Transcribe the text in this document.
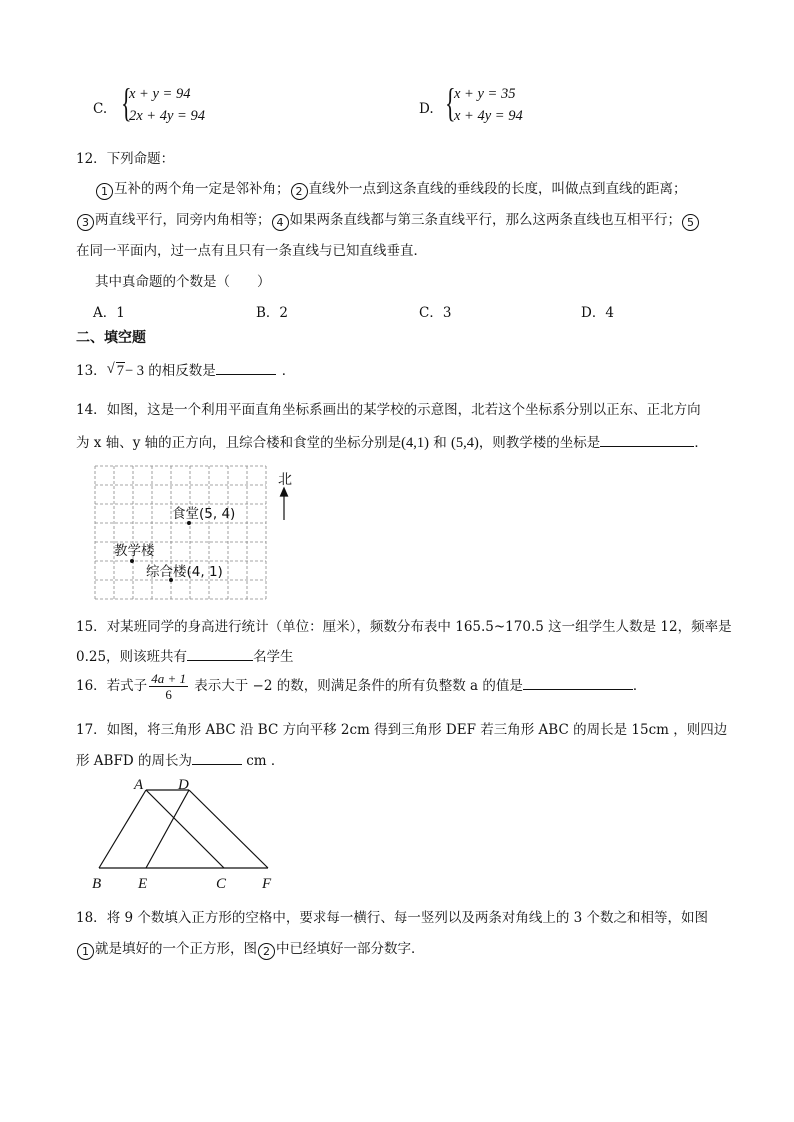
C. {
x + y = 94
2x + 4y = 94	D. {
x + y = 35
x + 4y = 94
12．下列命题：
1 互补的两个角一定是邻补角； 2 直线外一点到这条直线的垂线段的长度，叫做点到直线的距离；
3 两直线平行，同旁内角相等； 4 如果两条直线都与第三条直线平行，那么这两条直线也互相平行； 5
在同一平面内，过一点有且只有一条直线与已知直线垂直．
其中真命题的个数是（　　）
A．1	B．2	C．3	D．4
二、填空题
13．√ 7− 3 的相反数是	．
14．如图，这是一个利用平面直角坐标系画出的某学校的示意图，北若这个坐标系分别以正东、正北方向
为 x 轴、y 轴的正方向，且综合楼和食堂的坐标分别是(4,1) 和 (5,4)，则教学楼的坐标是	．
北
食堂(5, 4)
教学楼
综合楼(4, 1)
15．对某班同学的身高进行统计（单位：厘米），频数分布表中 165.5~170.5 这一组学生人数是 12，频率是
0.25，则该班共有	名学生
16．若式子 $\frac{4a + 1}{6}$ 表示大于 −2 的数，则满足条件的所有负整数 a 的值是	．
17．如图，将三角形 ABC 沿 BC 方向平移 2cm 得到三角形 DEF 若三角形 ABC 的周长是 15cm ，则四边
形 ABFD 的周长为	cm ．
A D
B E	C F
18．将 9 个数填入正方形的空格中，要求每一横行、每一竖列以及两条对角线上的 3 个数之和相等，如图
1 就是填好的一个正方形，图 2 中已经填好一部分数字．
